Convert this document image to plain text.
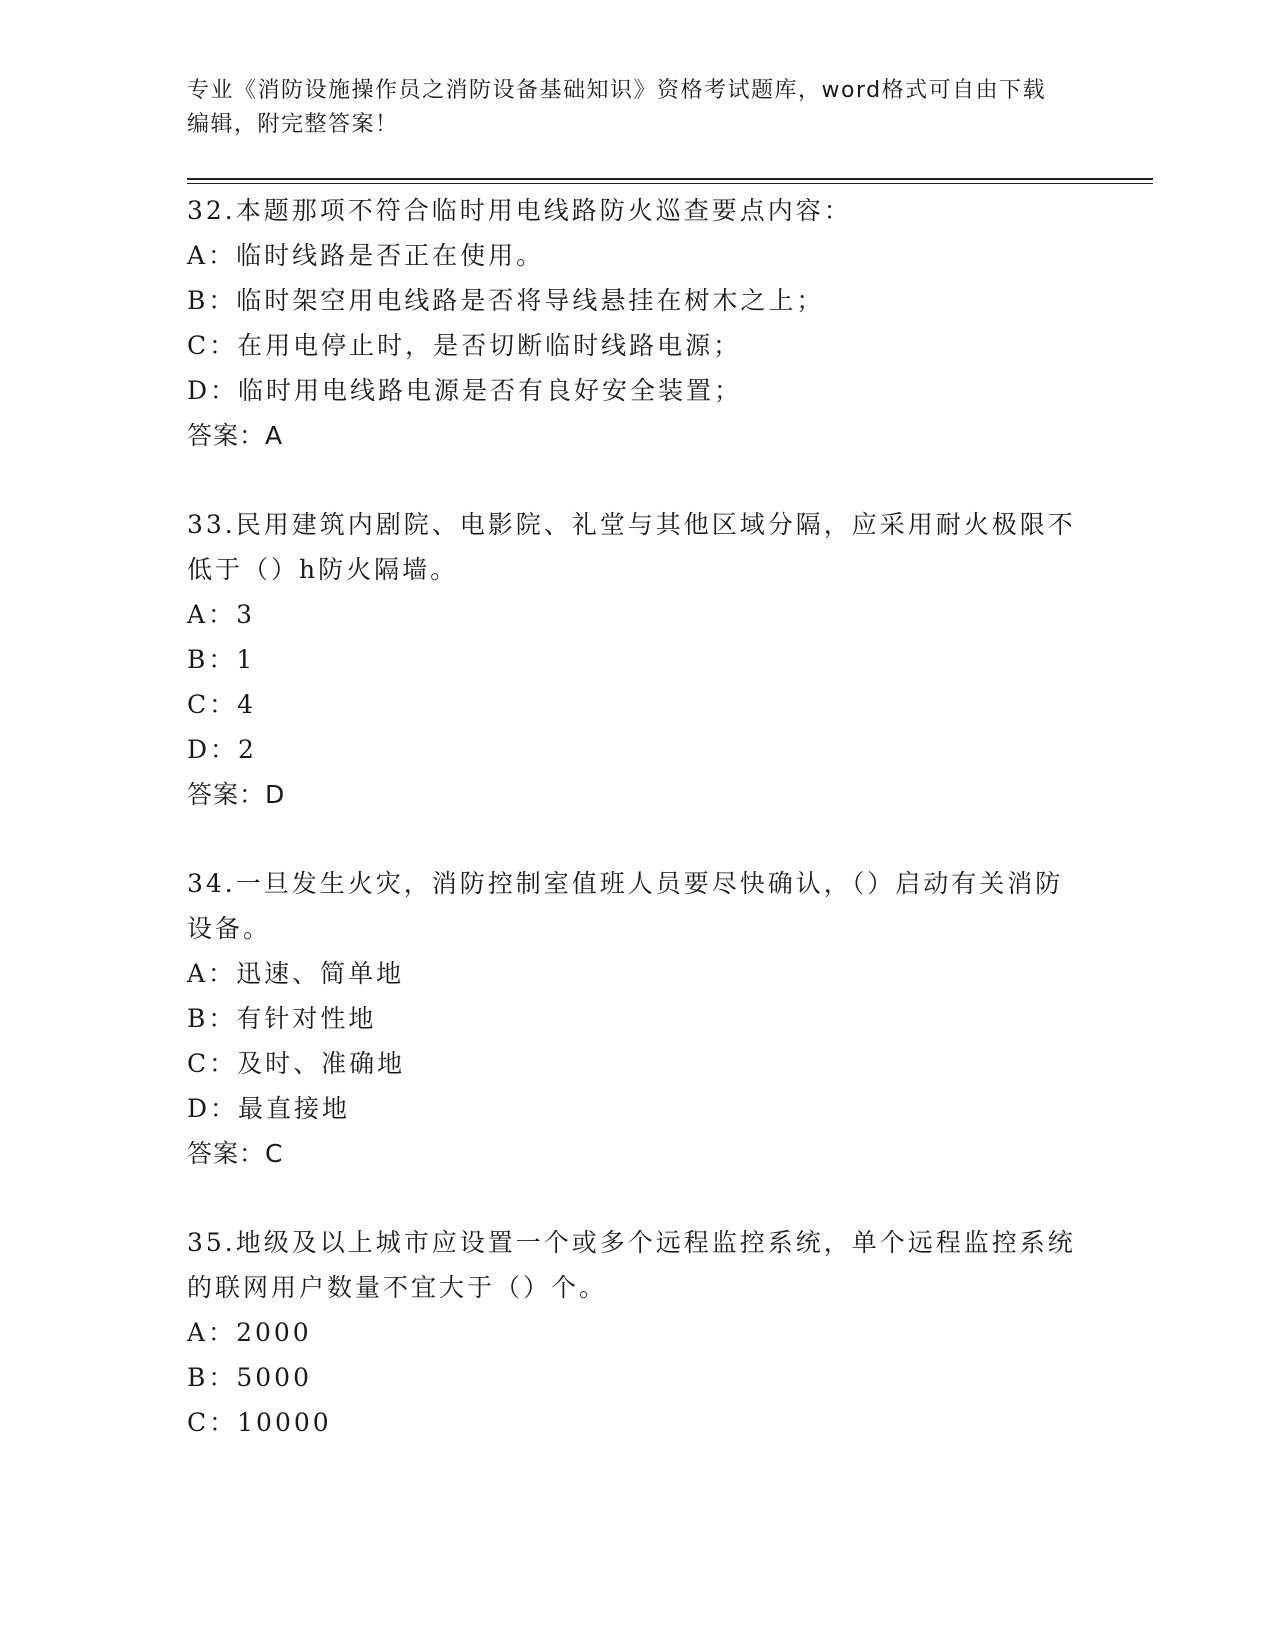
专业《消防设施操作员之消防设备基础知识》资格考试题库，word格式可自由下载编辑，附完整答案！

32.本题那项不符合临时用电线路防火巡查要点内容：

A：临时线路是否正在使用。

B：临时架空用电线路是否将导线悬挂在树木之上；

C：在用电停止时，是否切断临时线路电源；

D：临时用电线路电源是否有良好安全装置；

答案：A

33.民用建筑内剧院、电影院、礼堂与其他区域分隔，应采用耐火极限不低于（）h防火隔墙。

A：3

B：1

C：4

D：2

答案：D

34.一旦发生火灾，消防控制室值班人员要尽快确认，（）启动有关消防设备。

A：迅速、简单地

B：有针对性地

C：及时、准确地

D：最直接地

答案：C

35.地级及以上城市应设置一个或多个远程监控系统，单个远程监控系统的联网用户数量不宜大于（）个。

A：2000

B：5000

C：10000
